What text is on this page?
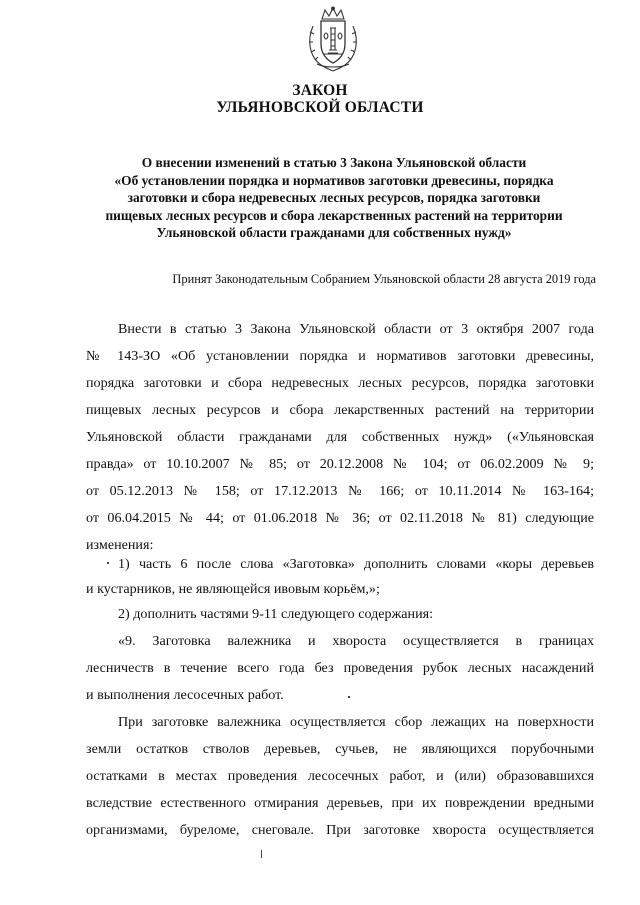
ЗАКОН
УЛЬЯНОВСКОЙ ОБЛАСТИ
О внесении изменений в статью 3 Закона Ульяновской области
«Об установлении порядка и нормативов заготовки древесины, порядка
заготовки и сбора недревесных лесных ресурсов, порядка заготовки
пищевых лесных ресурсов и сбора лекарственных растений на территории
Ульяновской области гражданами для собственных нужд»
Принят Законодательным Собранием Ульяновской области 28 августа 2019 года
Внести в статью 3 Закона Ульяновской области от 3 октября 2007 года
№ 143-ЗО «Об установлении порядка и нормативов заготовки древесины,
порядка заготовки и сбора недревесных лесных ресурсов, порядка заготовки
пищевых лесных ресурсов и сбора лекарственных растений на территории
Ульяновской области гражданами для собственных нужд» («Ульяновская
правда» от 10.10.2007 № 85; от 20.12.2008 № 104; от 06.02.2009 № 9;
от 05.12.2013 № 158; от 17.12.2013 № 166; от 10.11.2014 № 163-164;
от 06.04.2015 № 44; от 01.06.2018 № 36; от 02.11.2018 № 81) следующие
изменения:
1) часть 6 после слова «Заготовка» дополнить словами «коры деревьев
и кустарников, не являющейся ивовым корьём,»;
2) дополнить частями 9-11 следующего содержания:
«9. Заготовка валежника и хвороста осуществляется в границах
лесничеств в течение всего года без проведения рубок лесных насаждений
и выполнения лесосечных работ.
При заготовке валежника осуществляется сбор лежащих на поверхности
земли остатков стволов деревьев, сучьев, не являющихся порубочными
остатками в местах проведения лесосечных работ, и (или) образовавшихся
вследствие естественного отмирания деревьев, при их повреждении вредными
организмами, буреломе, снеговале. При заготовке хвороста осуществляется
